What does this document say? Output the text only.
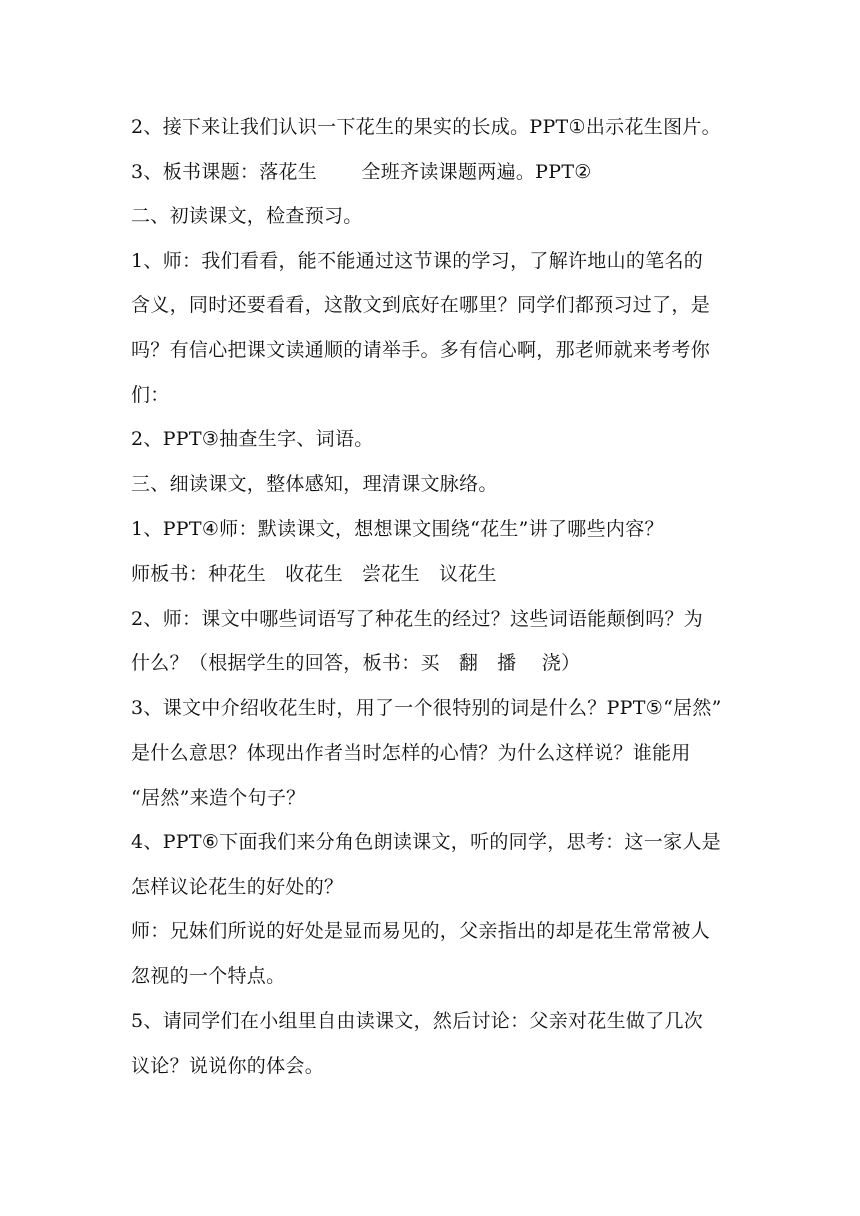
2、接下来让我们认识一下花生的果实的长成。PPT①出示花生图片。
3、板书课题：落花生       全班齐读课题两遍。PPT②
二、初读课文，检查预习。
1、师：我们看看，能不能通过这节课的学习，了解许地山的笔名的
含义，同时还要看看，这散文到底好在哪里？同学们都预习过了，是
吗？有信心把课文读通顺的请举手。多有信心啊，那老师就来考考你
们：
2、PPT③抽查生字、词语。
三、细读课文，整体感知，理清课文脉络。
1、PPT④师：默读课文，想想课文围绕“花生”讲了哪些内容？
师板书：种花生   收花生   尝花生   议花生
2、师：课文中哪些词语写了种花生的经过？这些词语能颠倒吗？为
什么？（根据学生的回答，板书：买   翻   播    浇）
3、课文中介绍收花生时，用了一个很特别的词是什么？PPT⑤“居然”
是什么意思？体现出作者当时怎样的心情？为什么这样说？谁能用
“居然”来造个句子？
4、PPT⑥下面我们来分角色朗读课文，听的同学，思考：这一家人是
怎样议论花生的好处的？
师：兄妹们所说的好处是显而易见的，父亲指出的却是花生常常被人
忽视的一个特点。
5、请同学们在小组里自由读课文，然后讨论：父亲对花生做了几次
议论？说说你的体会。
